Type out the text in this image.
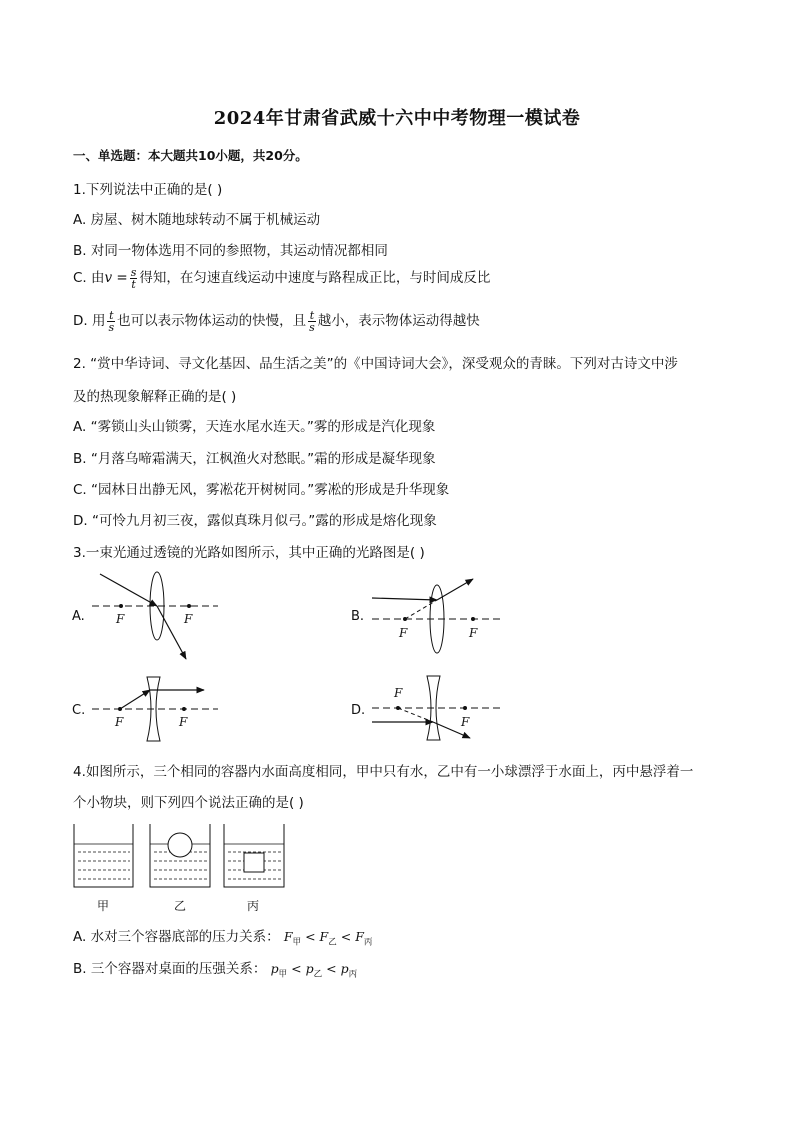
2024年甘肃省武威十六中中考物理一模试卷
一、单选题：本大题共10小题，共20分。
1.下列说法中正确的是( )
A. 房屋、树木随地球转动不属于机械运动
B. 对同一物体选用不同的参照物，其运动情况都相同
C. 由$v = \frac{s}{t}$ 得知，在匀速直线运动中速度与路程成正比，与时间成反比
D. 用 $\frac{t}{s}$ 也可以表示物体运动的快慢，且 $\frac{t}{s}$ 越小，表示物体运动得越快
2. “赏中华诗词、寻文化基因、品生活之美”的《中国诗词大会》，深受观众的青睐。下列对古诗文中涉
及的热现象解释正确的是( )
A. “雾锁山头山锁雾，天连水尾水连天。”雾的形成是汽化现象
B. “月落乌啼霜满天，江枫渔火对愁眠。”霜的形成是凝华现象
C. “园林日出静无风，雾凇花开树树同。”雾凇的形成是升华现象
D. “可怜九月初三夜，露似真珠月似弓。”露的形成是熔化现象
3.一束光通过透镜的光路如图所示，其中正确的光路图是( )
A.	B.
C.	D.
F	F
F	F
F	F
F
F
4.如图所示，三个相同的容器内水面高度相同，甲中只有水，乙中有一小球漂浮于水面上，丙中悬浮着一
个小物块，则下列四个说法正确的是( )
甲	乙	丙
A. 水对三个容器底部的压力关系： $F_甲 < F_乙 < F_丙$
B. 三个容器对桌面的压强关系： $p_甲 < p_乙 < p_丙$
